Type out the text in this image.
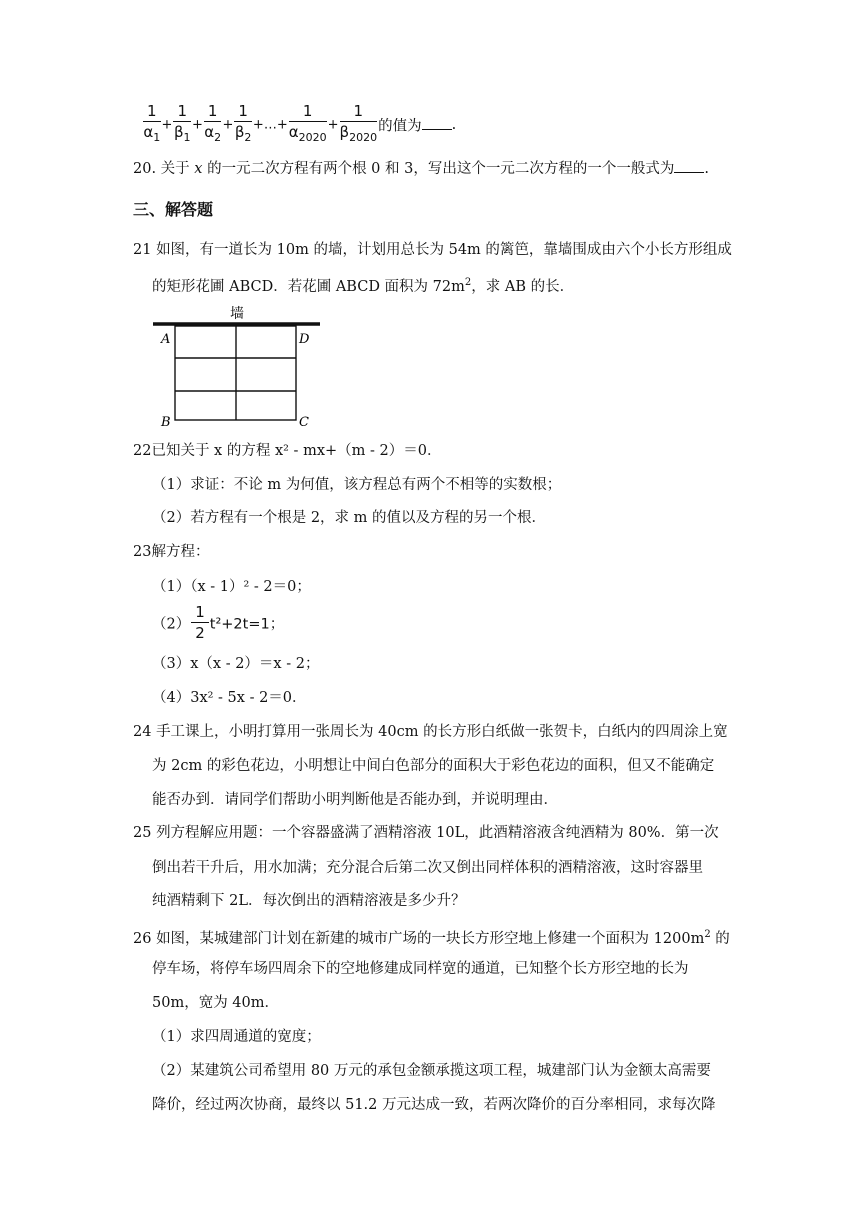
$\frac{1}{\alpha_1} + \frac{1}{\beta_1} + \frac{1}{\alpha_2} + \frac{1}{\beta_2}$ +…+ $\frac{1}{\alpha_{2020}} + \frac{1}{\beta_{2020}}$ 的值为 .
20. 关于 x 的一元二次方程有两个根 0 和 3，写出这个一元二次方程的一个一般式为 .
三、解答题
21 如图，有一道长为 10m 的墙，计划用总长为 54m 的篱笆，靠墙围成由六个小长方形组成
的矩形花圃 ABCD．若花圃 ABCD 面积为 $72m^2$，求 AB 的长．
墙
A	D
B	C
22已知关于 x 的方程 x² - mx+（m - 2）＝0．
（1）求证：不论 m 为何值，该方程总有两个不相等的实数根；
（2）若方程有一个根是 2，求 m 的值以及方程的另一个根．
23解方程：
（1）（x - 1）² - 2＝0；
$(2) \frac{1}{2} t^2+2t=1$；
（3）x（x - 2）＝x - 2；
（4）3x² - 5x - 2＝0．
24 手工课上，小明打算用一张周长为 40cm 的长方形白纸做一张贺卡，白纸内的四周涂上宽
为 2cm 的彩色花边，小明想让中间白色部分的面积大于彩色花边的面积，但又不能确定
能否办到．请同学们帮助小明判断他是否能办到，并说明理由．
25 列方程解应用题：一个容器盛满了酒精溶液 10L，此酒精溶液含纯酒精为 80%．第一次
倒出若干升后，用水加满；充分混合后第二次又倒出同样体积的酒精溶液，这时容器里
纯酒精剩下 2L．每次倒出的酒精溶液是多少升？
26 如图，某城建部门计划在新建的城市广场的一块长方形空地上修建一个面积为 $1200m^2$ 的
停车场，将停车场四周余下的空地修建成同样宽的通道，已知整个长方形空地的长为
50m，宽为 40m．
（1）求四周通道的宽度；
（2）某建筑公司希望用 80 万元的承包金额承揽这项工程，城建部门认为金额太高需要
降价，经过两次协商，最终以 51.2 万元达成一致，若两次降价的百分率相同，求每次降
